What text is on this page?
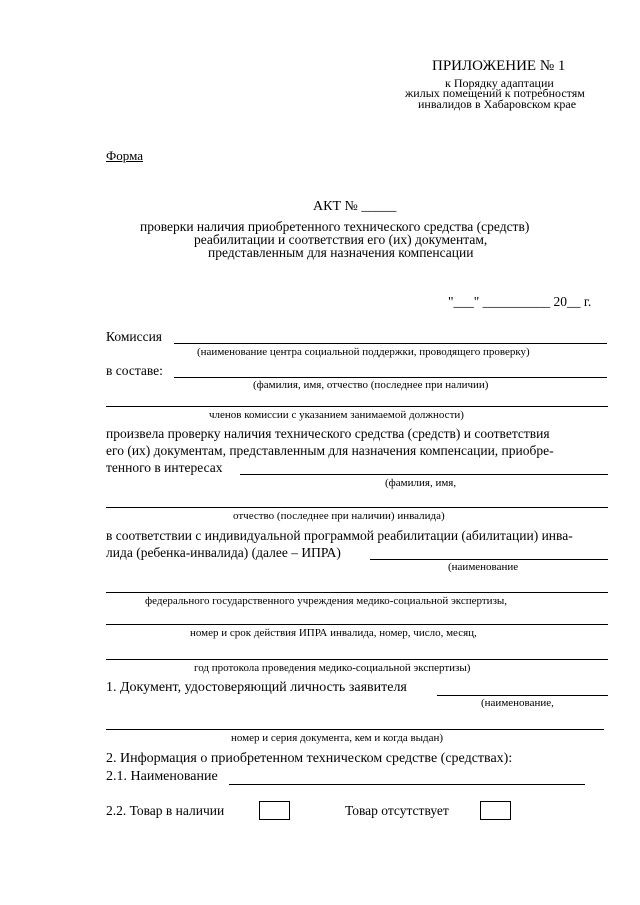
ПРИЛОЖЕНИЕ № 1
к Порядку адаптации
жилых помещений к потребностям
инвалидов в Хабаровском крае
Форма
АКТ № _____
проверки наличия приобретенного технического средства (средств)
реабилитации и соответствия его (их) документам,
представленным для назначения компенсации
"___" __________ 20__ г.
Комиссия
(наименование центра социальной поддержки, проводящего проверку)
в составе:
(фамилия, имя, отчество (последнее при наличии)
членов комиссии с указанием занимаемой должности)
произвела проверку наличия технического средства (средств) и соответствия
его (их) документам, представленным для назначения компенсации, приобре-
тенного в интересах
(фамилия, имя,
отчество (последнее при наличии) инвалида)
в соответствии с индивидуальной программой реабилитации (абилитации) инва-
лида (ребенка-инвалида) (далее – ИПРА)
(наименование
федерального государственного учреждения медико-социальной экспертизы,
номер и срок действия ИПРА инвалида, номер, число, месяц,
год протокола проведения медико-социальной экспертизы)
1. Документ, удостоверяющий личность заявителя
(наименование,
номер и серия документа, кем и когда выдан)
2. Информация о приобретенном техническом средстве (средствах):
2.1. Наименование
2.2. Товар в наличии	Товар отсутствует
